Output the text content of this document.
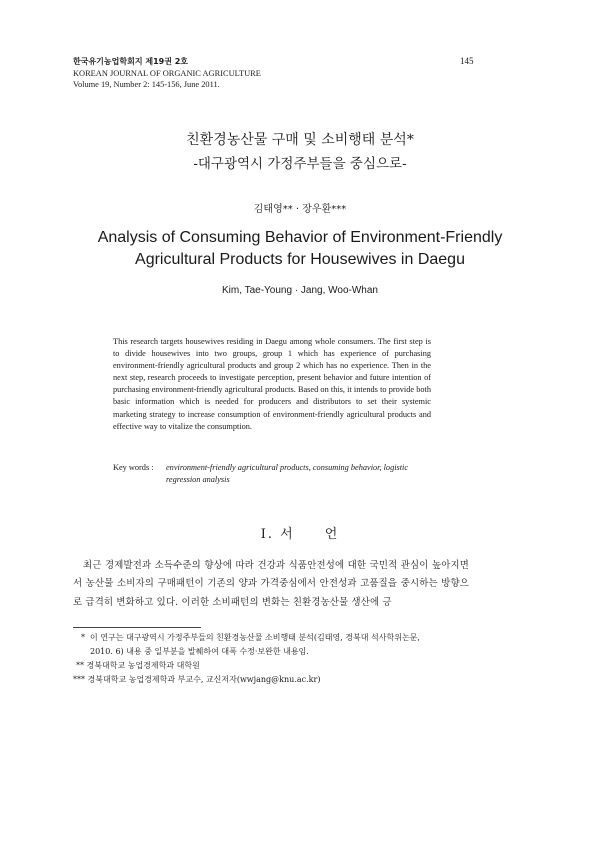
한국유기농업학회지 제19권 2호
KOREAN JOURNAL OF ORGANIC AGRICULTURE
Volume 19, Number 2: 145-156, June 2011.
145
친환경농산물 구매 및 소비행태 분석*
-대구광역시 가정주부들을 중심으로-
김태영** · 장우환***
Analysis of Consuming Behavior of Environment-Friendly
Agricultural Products for Housewives in Daegu
Kim, Tae-Young · Jang, Woo-Whan
This research targets housewives residing in Daegu among whole consumers. The first step is to divide housewives into two groups, group 1 which has experience of purchasing environment-friendly agricultural products and group 2 which has no experience. Then in the next step, research proceeds to investigate perception, present behavior and future intention of purchasing environment-friendly agricultural products. Based on this, it intends to provide both basic information which is needed for producers and distributors to set their systemic marketing strategy to increase consumption of environment-friendly agricultural products and effective way to vitalize the consumption.
Key words : environment-friendly agricultural products, consuming behavior, logistic regression analysis
Ⅰ. 서 언
최근 경제발전과 소득수준의 향상에 따라 건강과 식품안전성에 대한 국민적 관심이 높아지면서 농산물 소비자의 구매패턴이 기존의 양과 가격중심에서 안전성과 고품질을 중시하는 방향으로 급격히 변화하고 있다. 이러한 소비패턴의 변화는 친환경농산물 생산에 긍
* 이 연구는 대구광역시 가정주부들의 친환경농산물 소비행태 분석(김태영, 경북대 석사학위논문,
2010. 6) 내용 중 일부분을 발췌하여 대폭 수정·보완한 내용임.
** 경북대학교 농업경제학과 대학원
*** 경북대학교 농업경제학과 부교수, 교신저자(wwjang@knu.ac.kr)
